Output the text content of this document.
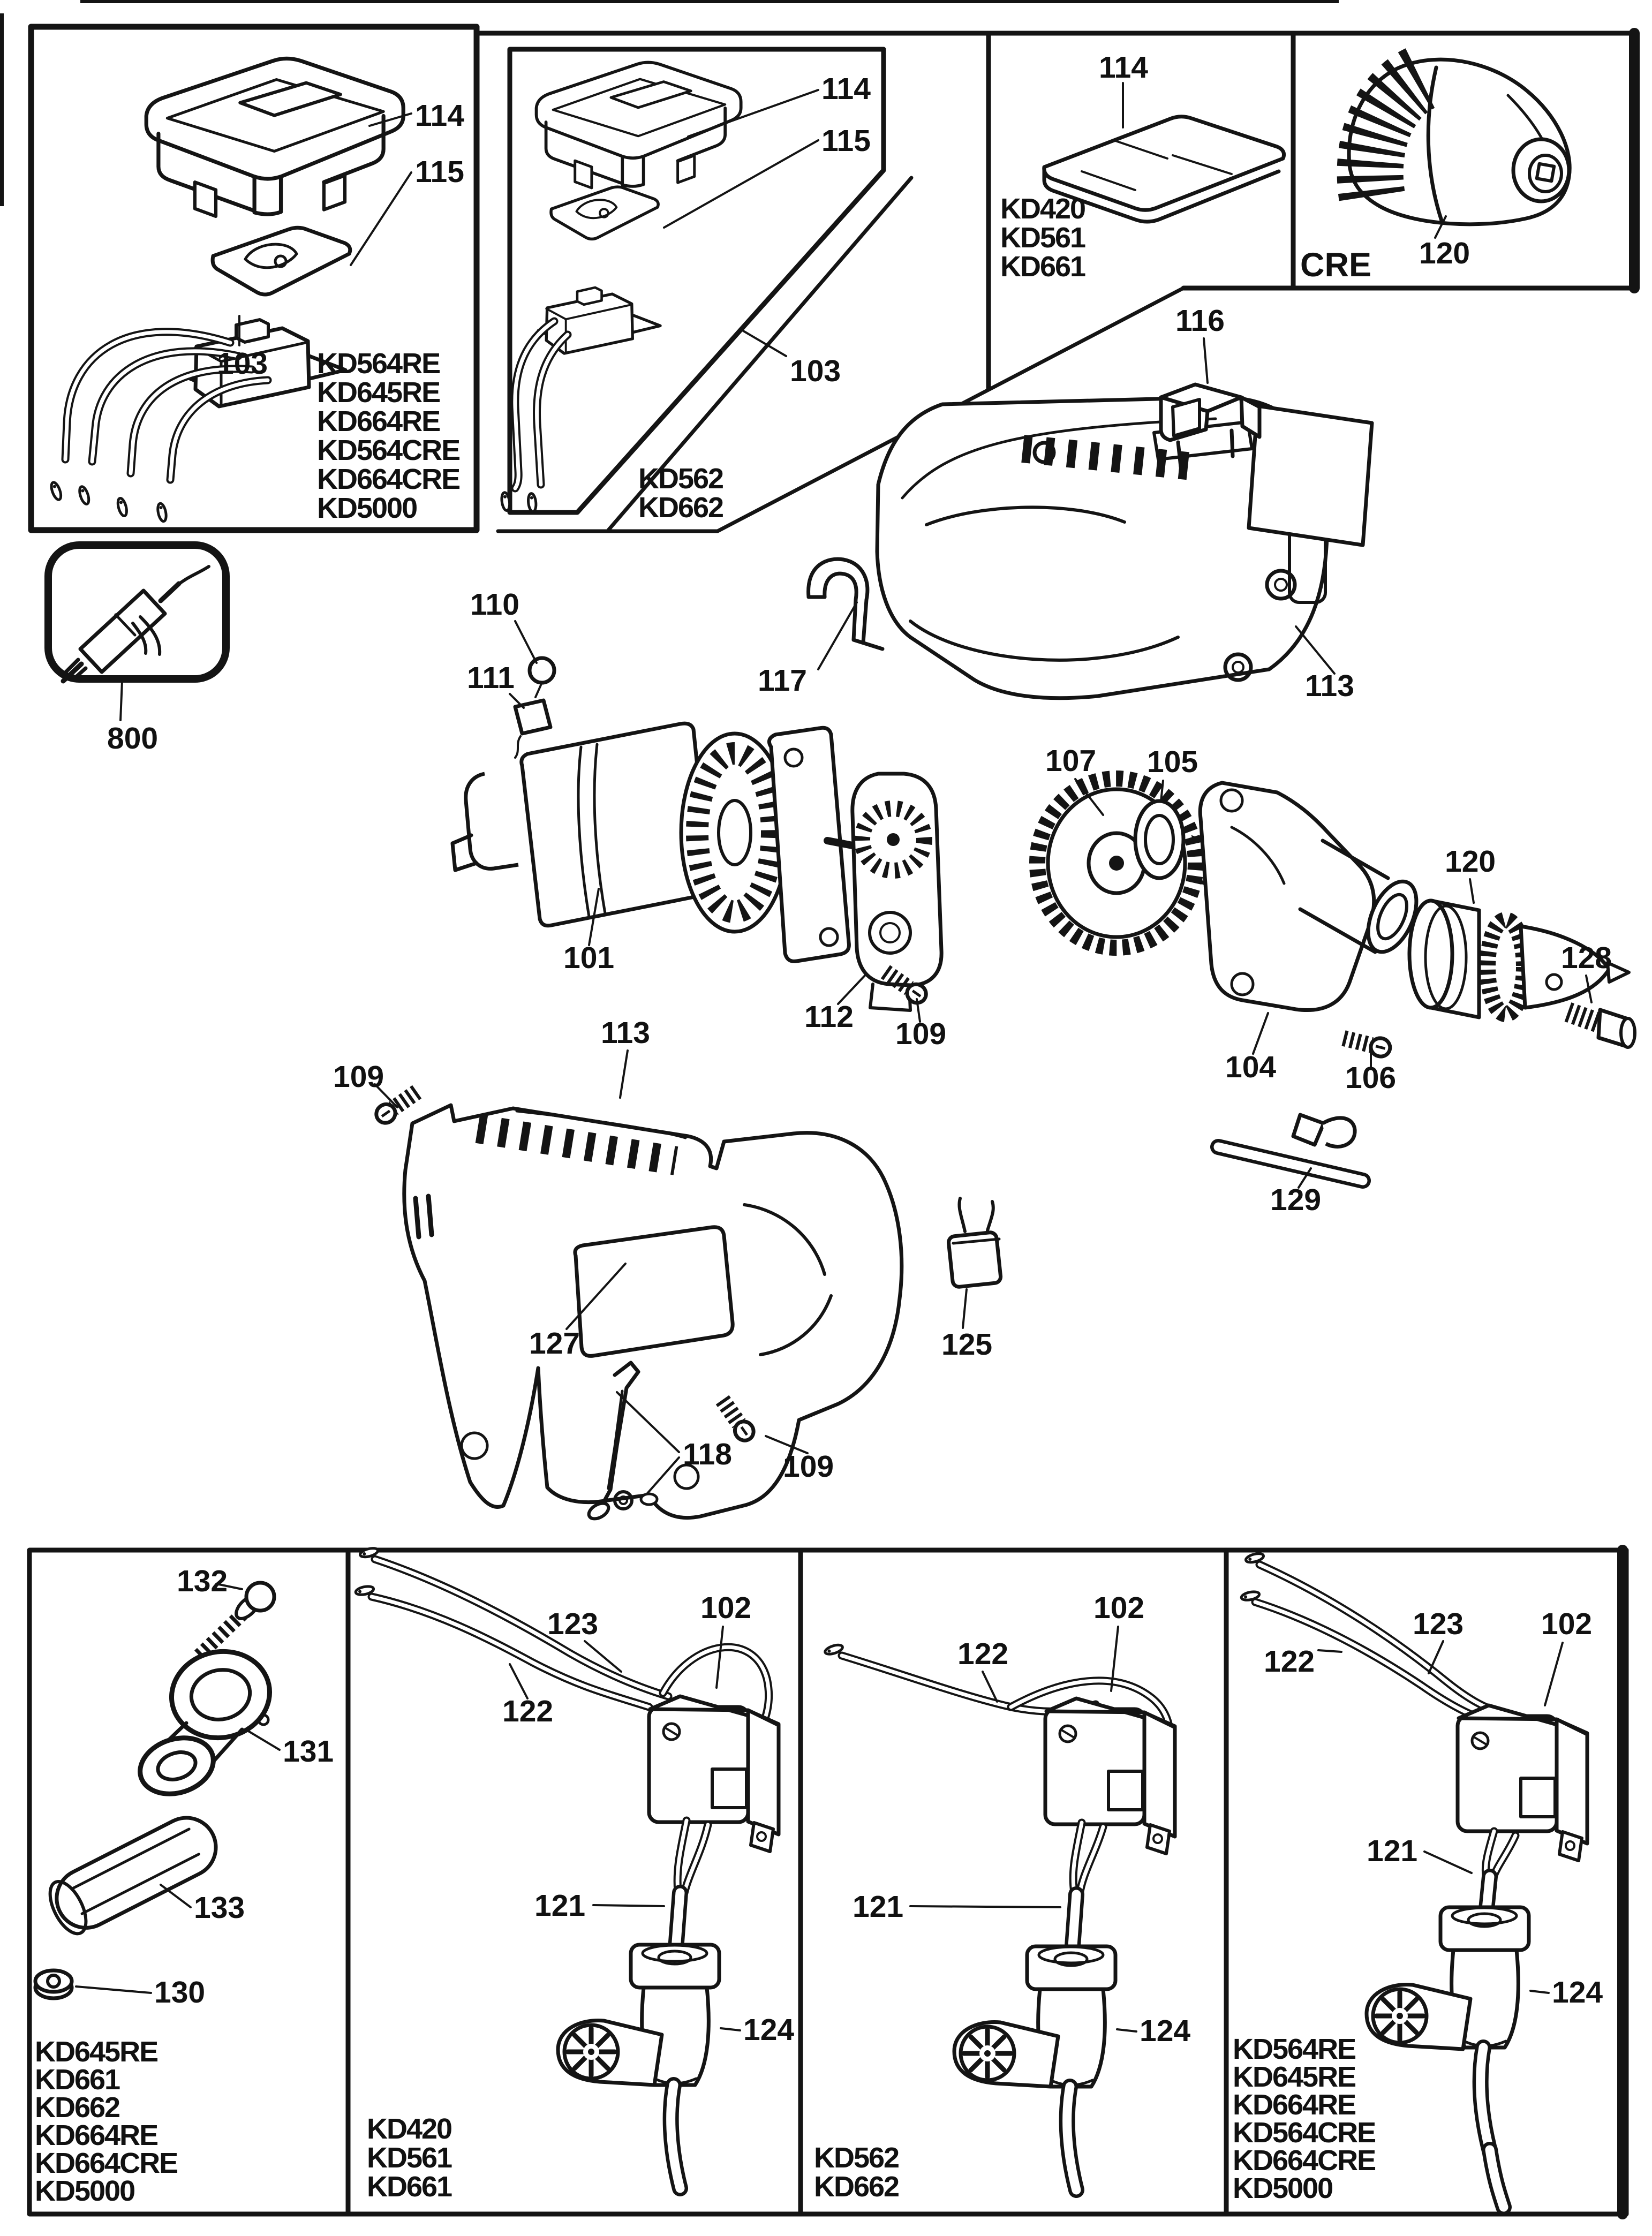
114
115
103 KD564RE
KD645RE
KD664RE
KD564CRE
KD664CRE
KD5000
114
115
103
KD562
KD662
114
KD420
KD561
KD661	120
CRE
800
113
116
117
110
111
101
112 109
107 105
104
120
106
128
129
113
127
109
109
118
125
132
131
133
130
KD645RE
KD661
KD662
KD664RE
KD664CRE
KD5000
123
122
102
121
124
KD420
KD561
KD661
122
102
121
124
KD562
KD662
123
122
102
121
124
KD564RE
KD645RE
KD664RE
KD564CRE
KD664CRE
KD5000
